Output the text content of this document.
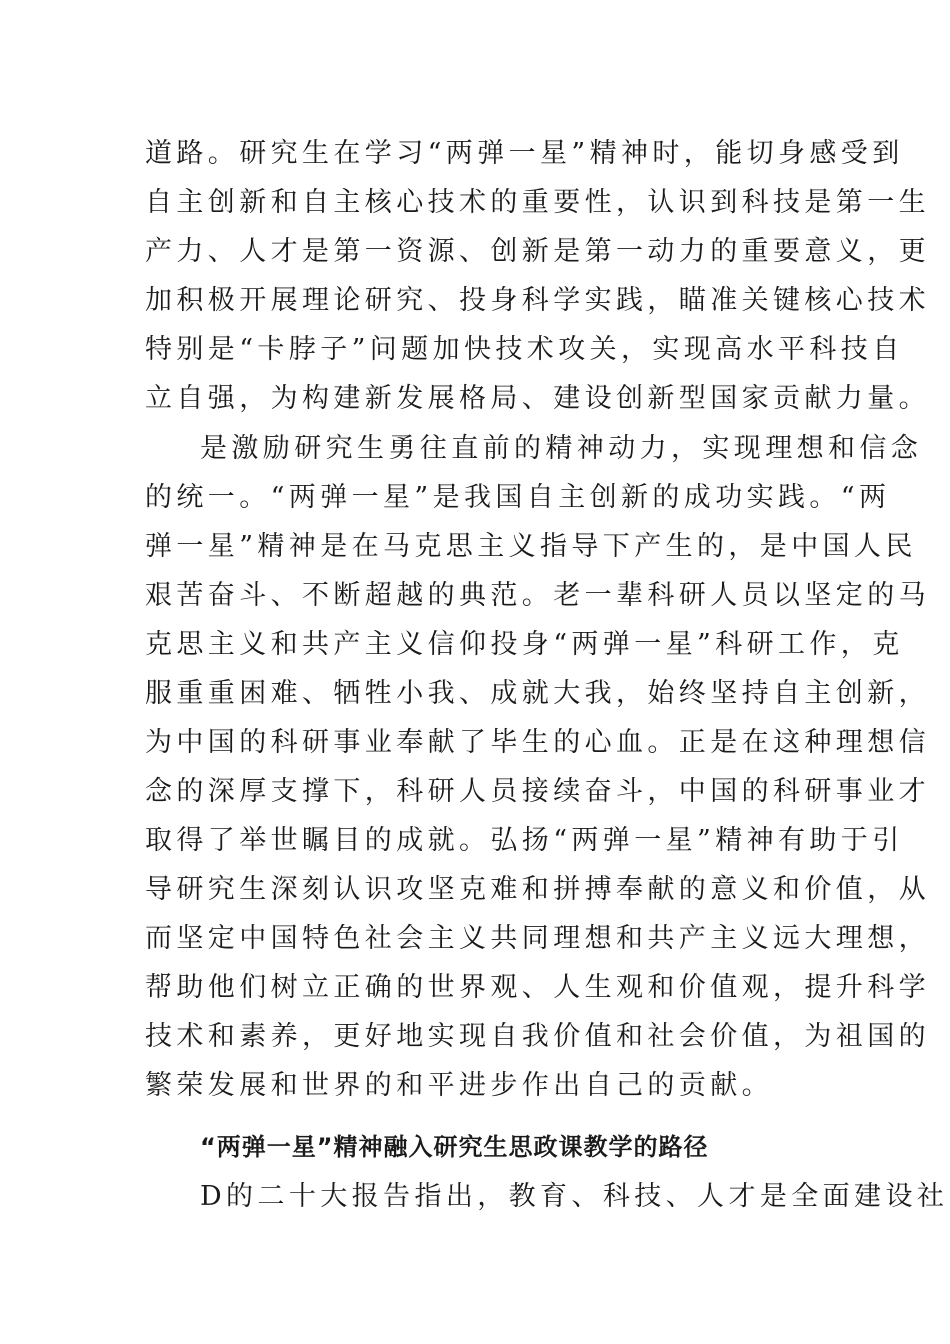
道路。研究生在学习“两弹一星”精神时，能切身感受到
自主创新和自主核心技术的重要性，认识到科技是第一生
产力、人才是第一资源、创新是第一动力的重要意义，更
加积极开展理论研究、投身科学实践，瞄准关键核心技术
特别是“卡脖子”问题加快技术攻关，实现高水平科技自
立自强，为构建新发展格局、建设创新型国家贡献力量。
是激励研究生勇往直前的精神动力，实现理想和信念
的统一。“两弹一星”是我国自主创新的成功实践。“两
弹一星”精神是在马克思主义指导下产生的，是中国人民
艰苦奋斗、不断超越的典范。老一辈科研人员以坚定的马
克思主义和共产主义信仰投身“两弹一星”科研工作，克
服重重困难、牺牲小我、成就大我，始终坚持自主创新，
为中国的科研事业奉献了毕生的心血。正是在这种理想信
念的深厚支撑下，科研人员接续奋斗，中国的科研事业才
取得了举世瞩目的成就。弘扬“两弹一星”精神有助于引
导研究生深刻认识攻坚克难和拼搏奉献的意义和价值，从
而坚定中国特色社会主义共同理想和共产主义远大理想，
帮助他们树立正确的世界观、人生观和价值观，提升科学
技术和素养，更好地实现自我价值和社会价值，为祖国的
繁荣发展和世界的和平进步作出自己的贡献。
“两弹一星”精神融入研究生思政课教学的路径
D的二十大报告指出，教育、科技、人才是全面建设社
